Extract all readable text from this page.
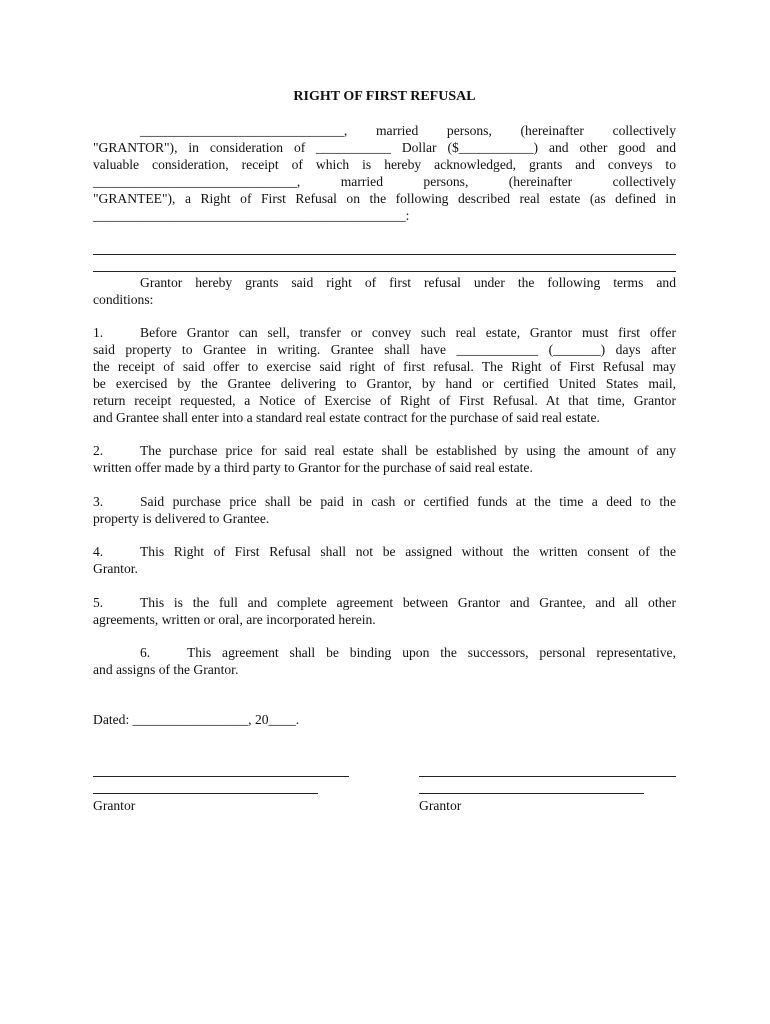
RIGHT OF FIRST REFUSAL
______________________________, married persons, (hereinafter collectively
"GRANTOR"), in consideration of ___________ Dollar ($___________) and other good and
valuable consideration, receipt of which is hereby acknowledged, grants and conveys to
______________________________, married persons, (hereinafter collectively
"GRANTEE"), a Right of First Refusal on the following described real estate (as defined in
______________________________________________:
Grantor hereby grants said right of first refusal under the following terms and
conditions:
1.	Before Grantor can sell, transfer or convey such real estate, Grantor must first offer
said property to Grantee in writing. Grantee shall have ____________ (_______) days after
the receipt of said offer to exercise said right of first refusal. The Right of First Refusal may
be exercised by the Grantee delivering to Grantor, by hand or certified United States mail,
return receipt requested, a Notice of Exercise of Right of First Refusal. At that time, Grantor
and Grantee shall enter into a standard real estate contract for the purchase of said real estate.
2.	The purchase price for said real estate shall be established by using the amount of any
written offer made by a third party to Grantor for the purchase of said real estate.
3.	Said purchase price shall be paid in cash or certified funds at the time a deed to the
property is delivered to Grantee.
4.	This Right of First Refusal shall not be assigned without the written consent of the
Grantor.
5.	This is the full and complete agreement between Grantor and Grantee, and all other
agreements, written or oral, are incorporated herein.
6.	This agreement shall be binding upon the successors, personal representative,
and assigns of the Grantor.
Dated: _________________, 20____.
Grantor	Grantor
